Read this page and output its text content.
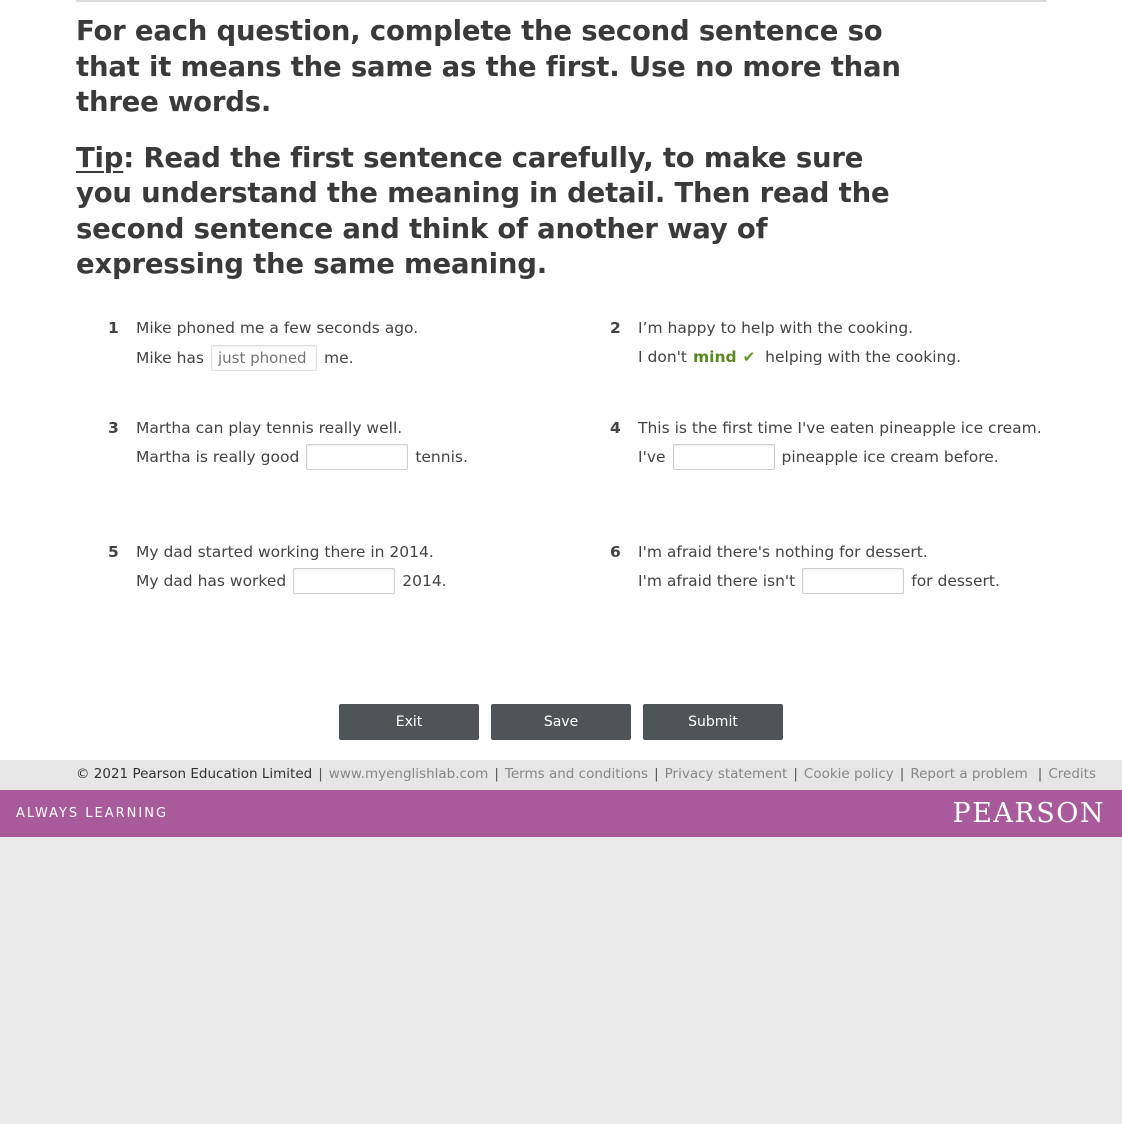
For each question, complete the second sentence so that it means the same as the first. Use no more than three words.

Tip: Read the first sentence carefully, to make sure you understand the meaning in detail. Then read the second sentence and think of another way of expressing the same meaning.

1 Mike phoned me a few seconds ago.
Mike has
just phoned	me.
2 I’m happy to help with the cooking.
I don't mind ✔ helping with the cooking.
3 Martha can play tennis really well.
Martha is really good	tennis.
4 This is the first time I've eaten pineapple ice cream.
I've	pineapple ice cream before.
5 My dad started working there in 2014.
My dad has worked	2014.
6 I'm afraid there's nothing for dessert.
I'm afraid there isn't	for dessert.
Exit	Save	Submit
© 2021 Pearson Education Limited | www.myenglishlab.com | Terms and conditions | Privacy statement | Cookie policy | Report a problem | Credits
ALWAYS LEARNING	PEARSON
